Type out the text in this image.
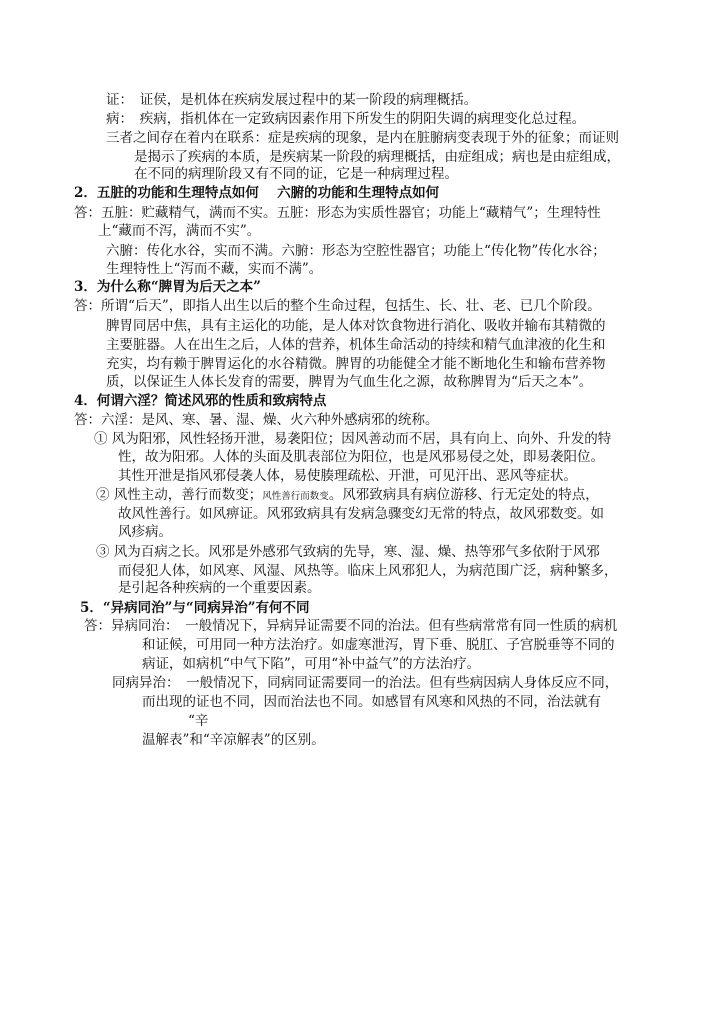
证：　证侯，是机体在疾病发展过程中的某一阶段的病理概括。
病：　疾病，指机体在一定致病因素作用下所发生的阴阳失调的病理变化总过程。
三者之间存在着内在联系：症是疾病的现象，是内在脏腑病变表现于外的征象；而证则
是揭示了疾病的本质，是疾病某一阶段的病理概括，由症组成；病也是由症组成，
在不同的病理阶段又有不同的证，它是一种病理过程。
2．五脏的功能和生理特点如何　 六腑的功能和生理特点如何
答：五脏：贮藏精气，满而不实。五脏：形态为实质性器官；功能上“藏精气”；生理特性
上“藏而不泻，满而不实”。
六腑：传化水谷，实而不满。六腑：形态为空腔性器官；功能上“传化物”传化水谷；
生理特性上“泻而不藏，实而不满”。
3．为什么称“脾胃为后天之本”
答：所谓“后天”，即指人出生以后的整个生命过程，包括生、长、壮、老、已几个阶段。
脾胃同居中焦，具有主运化的功能，是人体对饮食物进行消化、吸收并输布其精微的
主要脏器。人在出生之后，人体的营养，机体生命活动的持续和精气血津液的化生和
充实，均有赖于脾胃运化的水谷精微。脾胃的功能健全才能不断地化生和输布营养物
质，以保证生人体长发育的需要，脾胃为气血生化之源，故称脾胃为“后天之本”。
4．何谓六淫？简述风邪的性质和致病特点
答：六淫：是风、寒、暑、湿、燥、火六种外感病邪的统称。
① 风为阳邪，风性轻扬开泄，易袭阳位；因风善动而不居，具有向上、向外、升发的特
性，故为阳邪。人体的头面及肌表部位为阳位，也是风邪易侵之处，即易袭阳位。
其性开泄是指风邪侵袭人体，易使腠理疏松、开泄，可见汗出、恶风等症状。
② 风性主动，善行而数变；风性善行而数变。风邪致病具有病位游移、行无定处的特点，
故风性善行。如风痹证。风邪致病具有发病急骤变幻无常的特点，故风邪数变。如
风疹病。
③ 风为百病之长。风邪是外感邪气致病的先导，寒、湿、燥、热等邪气多依附于风邪
而侵犯人体，如风寒、风湿、风热等。临床上风邪犯人，为病范围广泛，病种繁多，
是引起各种疾病的一个重要因素。
5．“异病同治”与“同病异治”有何不同
答：异病同治：　一般情况下，异病异证需要不同的治法。但有些病常常有同一性质的病机
和证候，可用同一种方法治疗。如虚寒泄泻，胃下垂、脱肛、子宫脱垂等不同的
病证，如病机“中气下陷”，可用“补中益气”的方法治疗。
同病异治：　一般情况下，同病同证需要同一的治法。但有些病因病人身体反应不同，
而出现的证也不同，因而治法也不同。如感冒有风寒和风热的不同，治法就有
“辛
温解表”和“辛凉解表”的区别。
